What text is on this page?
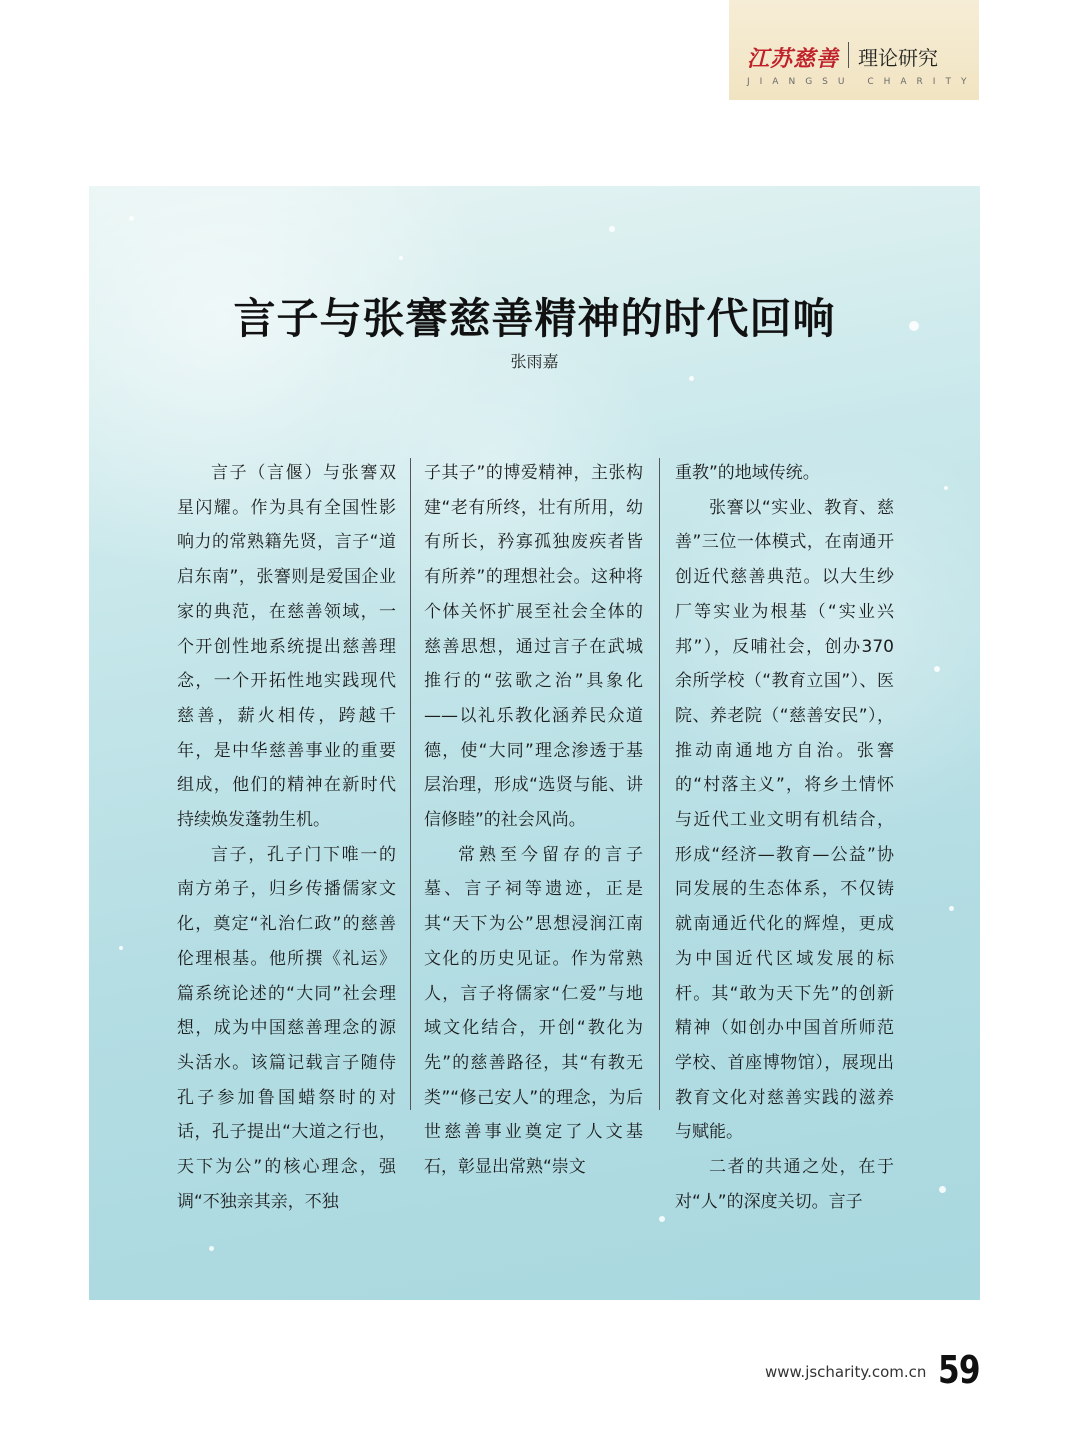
江苏慈善 理论研究
JIANGSU CHARITY
言子与张謇慈善精神的时代回响
张雨嘉

言子（言偃）与张謇双星闪耀。作为具有全国性影响力的常熟籍先贤，言子“道启东南”，张謇则是爱国企业家的典范，在慈善领域，一个开创性地系统提出慈善理念，一个开拓性地实践现代慈善，薪火相传，跨越千年，是中华慈善事业的重要组成，他们的精神在新时代持续焕发蓬勃生机。

言子，孔子门下唯一的南方弟子，归乡传播儒家文化，奠定“礼治仁政”的慈善伦理根基。他所撰《礼运》篇系统论述的“大同”社会理想，成为中国慈善理念的源头活水。该篇记载言子随侍孔子参加鲁国蜡祭时的对话，孔子提出“大道之行也，天下为公”的核心理念，强调“不独亲其亲，不独

子其子”的博爱精神，主张构建“老有所终，壮有所用，幼有所长，矜寡孤独废疾者皆有所养”的理想社会。这种将个体关怀扩展至社会全体的慈善思想，通过言子在武城推行的“弦歌之治”具象化——以礼乐教化涵养民众道德，使“大同”理念渗透于基层治理，形成“选贤与能、讲信修睦”的社会风尚。

常熟至今留存的言子墓、言子祠等遗迹，正是其“天下为公”思想浸润江南文化的历史见证。作为常熟人，言子将儒家“仁爱”与地域文化结合，开创“教化为先”的慈善路径，其“有教无类”“修己安人”的理念，为后世慈善事业奠定了人文基石，彰显出常熟“崇文

重教”的地域传统。

张謇以“实业、教育、慈善”三位一体模式，在南通开创近代慈善典范。以大生纱厂等实业为根基（“实业兴邦”），反哺社会，创办370余所学校（“教育立国”）、医院、养老院（“慈善安民”），推动南通地方自治。张謇的“村落主义”，将乡土情怀与近代工业文明有机结合，形成“经济—教育—公益”协同发展的生态体系，不仅铸就南通近代化的辉煌，更成为中国近代区域发展的标杆。其“敢为天下先”的创新精神（如创办中国首所师范学校、首座博物馆），展现出教育文化对慈善实践的滋养与赋能。

二者的共通之处，在于对“人”的深度关切。言子

www.jscharity.com.cn 59
